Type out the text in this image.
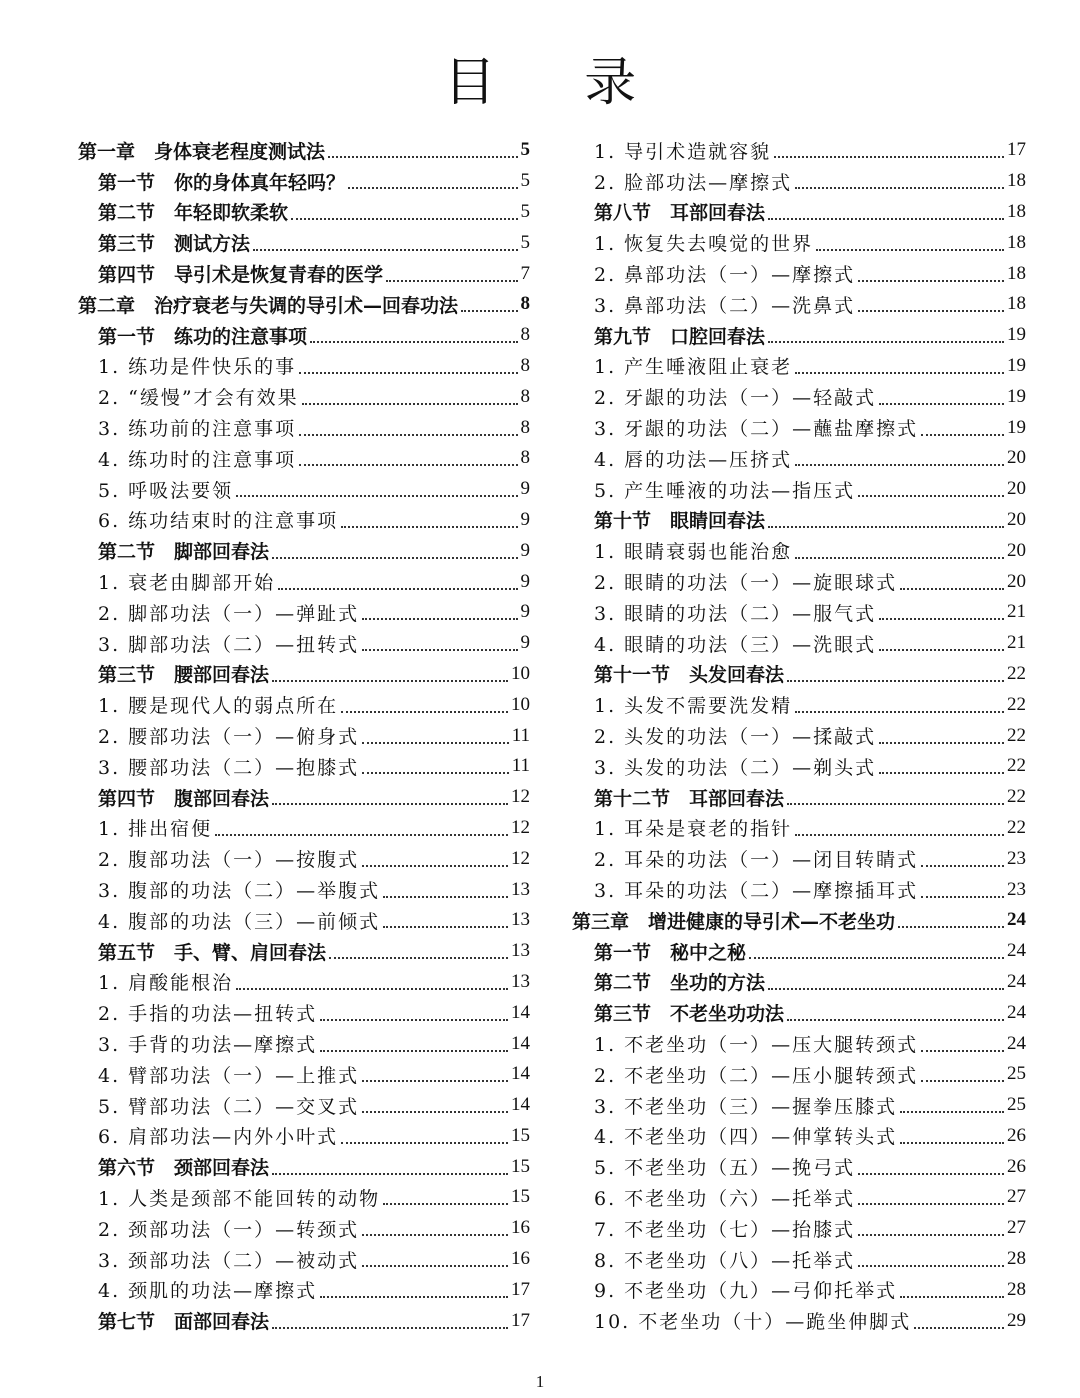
目 录
第一章　身体衰老程度测试法	5
第一节　你的身体真年轻吗？	5
第二节　年轻即软柔软	5
第三节　测试方法	5
第四节　导引术是恢复青春的医学	7
第二章　治疗衰老与失调的导引术—回春功法	8
第一节　练功的注意事项	8
1. 练功是件快乐的事	8
2. “缓慢”才会有效果	8
3. 练功前的注意事项	8
4. 练功时的注意事项	8
5. 呼吸法要领	9
6. 练功结束时的注意事项	9
第二节　脚部回春法	9
1. 衰老由脚部开始	9
2. 脚部功法（一）—弹趾式	9
3. 脚部功法（二）—扭转式	9
第三节　腰部回春法	10
1. 腰是现代人的弱点所在	10
2. 腰部功法（一）—俯身式	11
3. 腰部功法（二）—抱膝式	11
第四节　腹部回春法	12
1. 排出宿便	12
2. 腹部功法（一）—按腹式	12
3. 腹部的功法（二）—举腹式	13
4. 腹部的功法（三）—前倾式	13
第五节　手、臂、肩回春法	13
1. 肩酸能根治	13
2. 手指的功法—扭转式	14
3. 手背的功法—摩擦式	14
4. 臂部功法（一）—上推式	14
5. 臂部功法（二）—交叉式	14
6. 肩部功法—内外小叶式	15
第六节　颈部回春法	15
1. 人类是颈部不能回转的动物	15
2. 颈部功法（一）—转颈式	16
3. 颈部功法（二）—被动式	16
4. 颈肌的功法—摩擦式	17
第七节　面部回春法	17
1. 导引术造就容貌	17
2. 脸部功法—摩擦式	18
第八节　耳部回春法	18
1. 恢复失去嗅觉的世界	18
2. 鼻部功法（一）—摩擦式	18
3. 鼻部功法（二）—洗鼻式	18
第九节　口腔回春法	19
1. 产生唾液阻止衰老	19
2. 牙龈的功法（一）—轻敲式	19
3. 牙龈的功法（二）—蘸盐摩擦式	19
4. 唇的功法—压挤式	20
5. 产生唾液的功法—指压式	20
第十节　眼睛回春法	20
1. 眼睛衰弱也能治愈	20
2. 眼睛的功法（一）—旋眼球式	20
3. 眼睛的功法（二）—服气式	21
4. 眼睛的功法（三）—洗眼式	21
第十一节　头发回春法	22
1. 头发不需要洗发精	22
2. 头发的功法（一）—揉敲式	22
3. 头发的功法（二）—剃头式	22
第十二节　耳部回春法	22
1. 耳朵是衰老的指针	22
2. 耳朵的功法（一）—闭目转睛式	23
3. 耳朵的功法（二）—摩擦插耳式	23
第三章　增进健康的导引术—不老坐功	24
第一节　秘中之秘	24
第二节　坐功的方法	24
第三节　不老坐功功法	24
1. 不老坐功（一）—压大腿转颈式	24
2. 不老坐功（二）—压小腿转颈式	25
3. 不老坐功（三）—握拳压膝式	25
4. 不老坐功（四）—伸掌转头式	26
5. 不老坐功（五）—挽弓式	26
6. 不老坐功（六）—托举式	27
7. 不老坐功（七）—抬膝式	27
8. 不老坐功（八）—托举式	28
9. 不老坐功（九）—弓仰托举式	28
10. 不老坐功（十）—跪坐伸脚式	29
1
